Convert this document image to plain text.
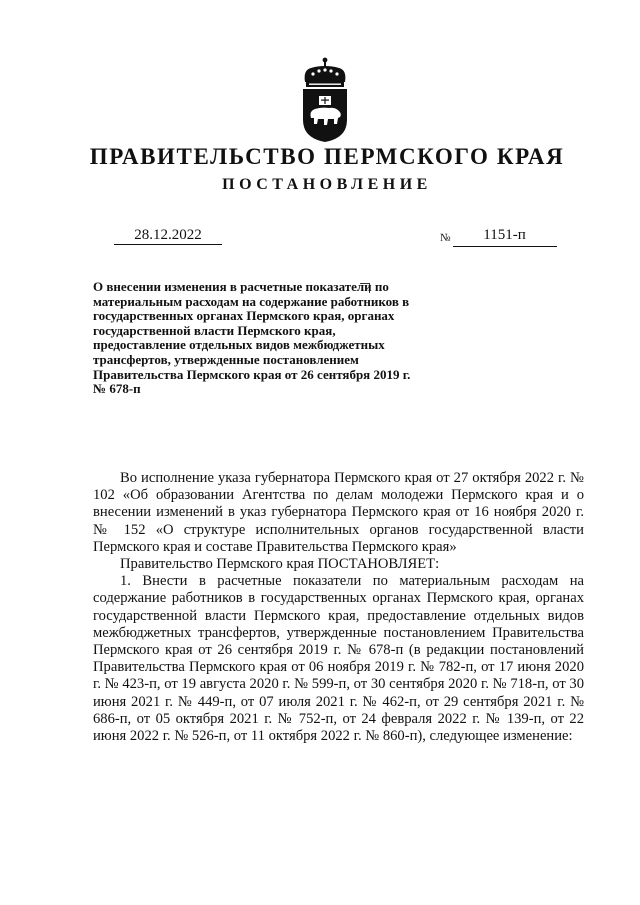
ПРАВИТЕЛЬСТВО ПЕРМСКОГО КРАЯ
ПОСТАНОВЛЕНИЕ
28.12.2022	№	1151-п
О внесении изменения в расчетные показатели по материальным расходам на содержание работников в государственных органах Пермского края, органах государственной власти Пермского края, предоставление отдельных видов межбюджетных трансфертов, утвержденные постановлением Правительства Пермского края от 26 сентября 2019 г. № 678-п

Во исполнение указа губернатора Пермского края от 27 октября 2022 г. № 102 «Об образовании Агентства по делам молодежи Пермского края и о внесении изменений в указ губернатора Пермского края от 16 ноября 2020 г. № 152 «О структуре исполнительных органов государственной власти Пермского края и составе Правительства Пермского края»

Правительство Пермского края ПОСТАНОВЛЯЕТ:

1. Внести в расчетные показатели по материальным расходам на содержание работников в государственных органах Пермского края, органах государственной власти Пермского края, предоставление отдельных видов межбюджетных трансфертов, утвержденные постановлением Правительства Пермского края от 26 сентября 2019 г. № 678-п (в редакции постановлений Правительства Пермского края от 06 ноября 2019 г. № 782-п, от 17 июня 2020 г. № 423-п, от 19 августа 2020 г. № 599-п, от 30 сентября 2020 г. № 718-п, от 30 июня 2021 г. № 449-п, от 07 июля 2021 г. № 462-п, от 29 сентября 2021 г. № 686-п, от 05 октября 2021 г. № 752-п, от 24 февраля 2022 г. № 139-п, от 22 июня 2022 г. № 526-п, от 11 октября 2022 г. № 860-п), следующее изменение:
